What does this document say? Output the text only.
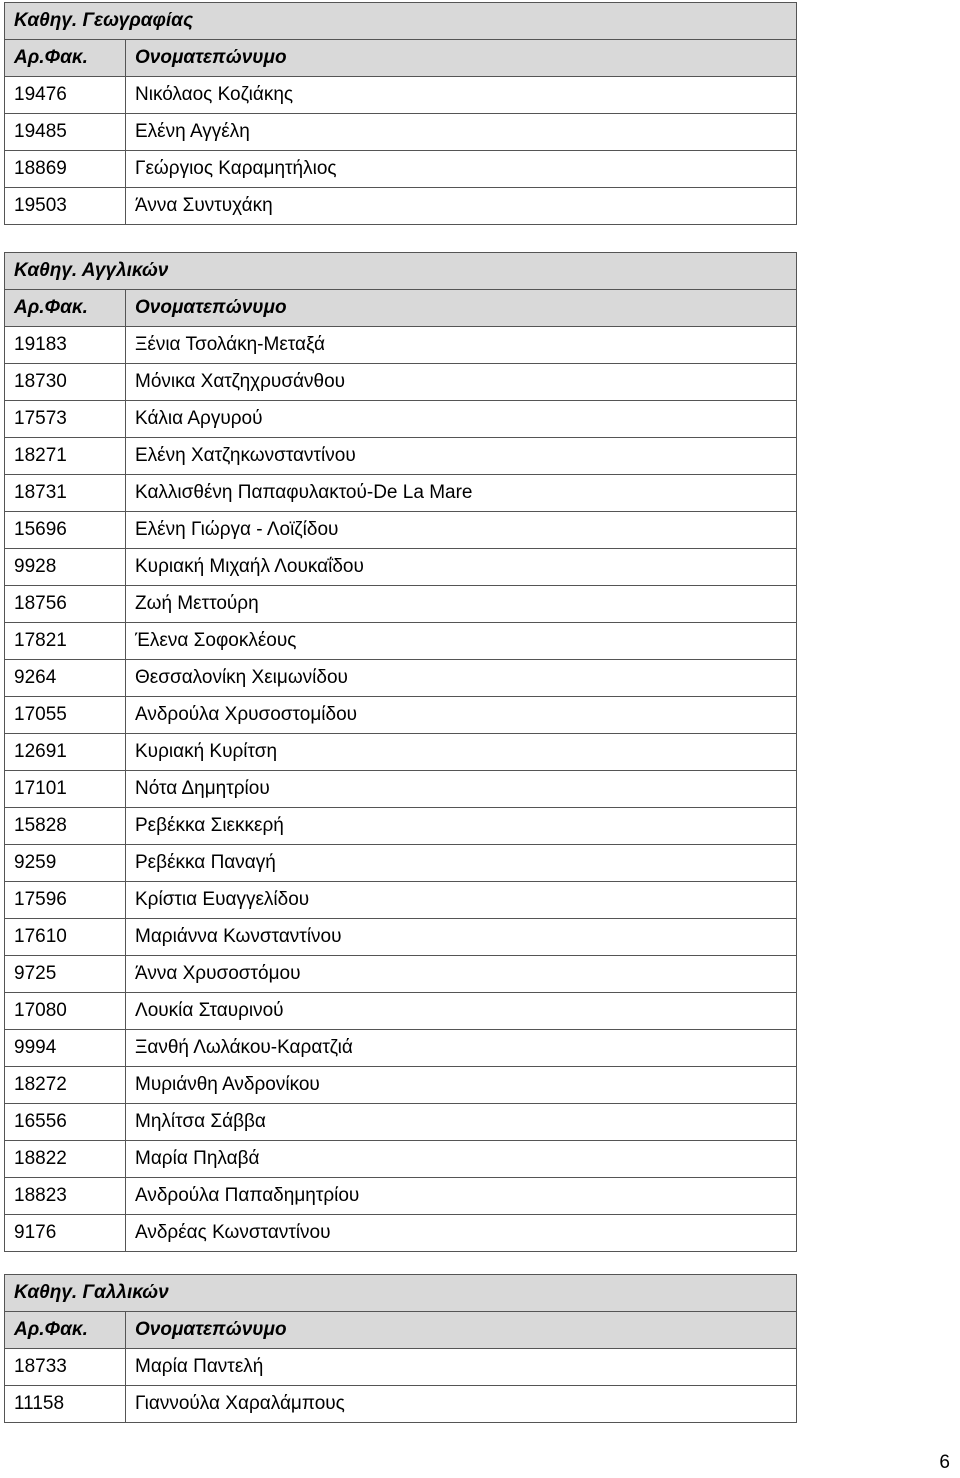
Καθηγ. Γεωγραφίας	
Αρ.Φακ.	Ονοματεπώνυμο
19476	Νικόλαος Κοζιάκης
19485	Ελένη Αγγέλη
18869	Γεώργιος Καραμητήλιος
19503	Άννα Συντυχάκη
Καθηγ. Αγγλικών	
Αρ.Φακ.	Ονοματεπώνυμο
19183	Ξένια Τσολάκη-Μεταξά
18730	Μόνικα Χατζηχρυσάνθου
17573	Κάλια Αργυρού
18271	Ελένη Χατζηκωνσταντίνου
18731	Καλλισθένη Παπαφυλακτού-De La Mare
15696	Ελένη Γιώργα - Λοϊζίδου
9928	Κυριακή Μιχαήλ Λουκαΐδου
18756	Ζωή Μεττούρη
17821	Έλενα Σοφοκλέους
9264	Θεσσαλονίκη Χειμωνίδου
17055	Ανδρούλα Χρυσοστομίδου
12691	Κυριακή Κυρίτση
17101	Νότα Δημητρίου
15828	Ρεβέκκα Σιεκκερή
9259	Ρεβέκκα Παναγή
17596	Κρίστια Ευαγγελίδου
17610	Μαριάννα Κωνσταντίνου
9725	Άννα Χρυσοστόμου
17080	Λουκία Σταυρινού
9994	Ξανθή Λωλάκου-Καρατζιά
18272	Μυριάνθη Ανδρονίκου
16556	Μηλίτσα Σάββα
18822	Μαρία Πηλαβά
18823	Ανδρούλα Παπαδημητρίου
9176	Ανδρέας Κωνσταντίνου
Καθηγ. Γαλλικών	
Αρ.Φακ.	Ονοματεπώνυμο
18733	Μαρία Παντελή
11158	Γιαννούλα Χαραλάμπους
6
